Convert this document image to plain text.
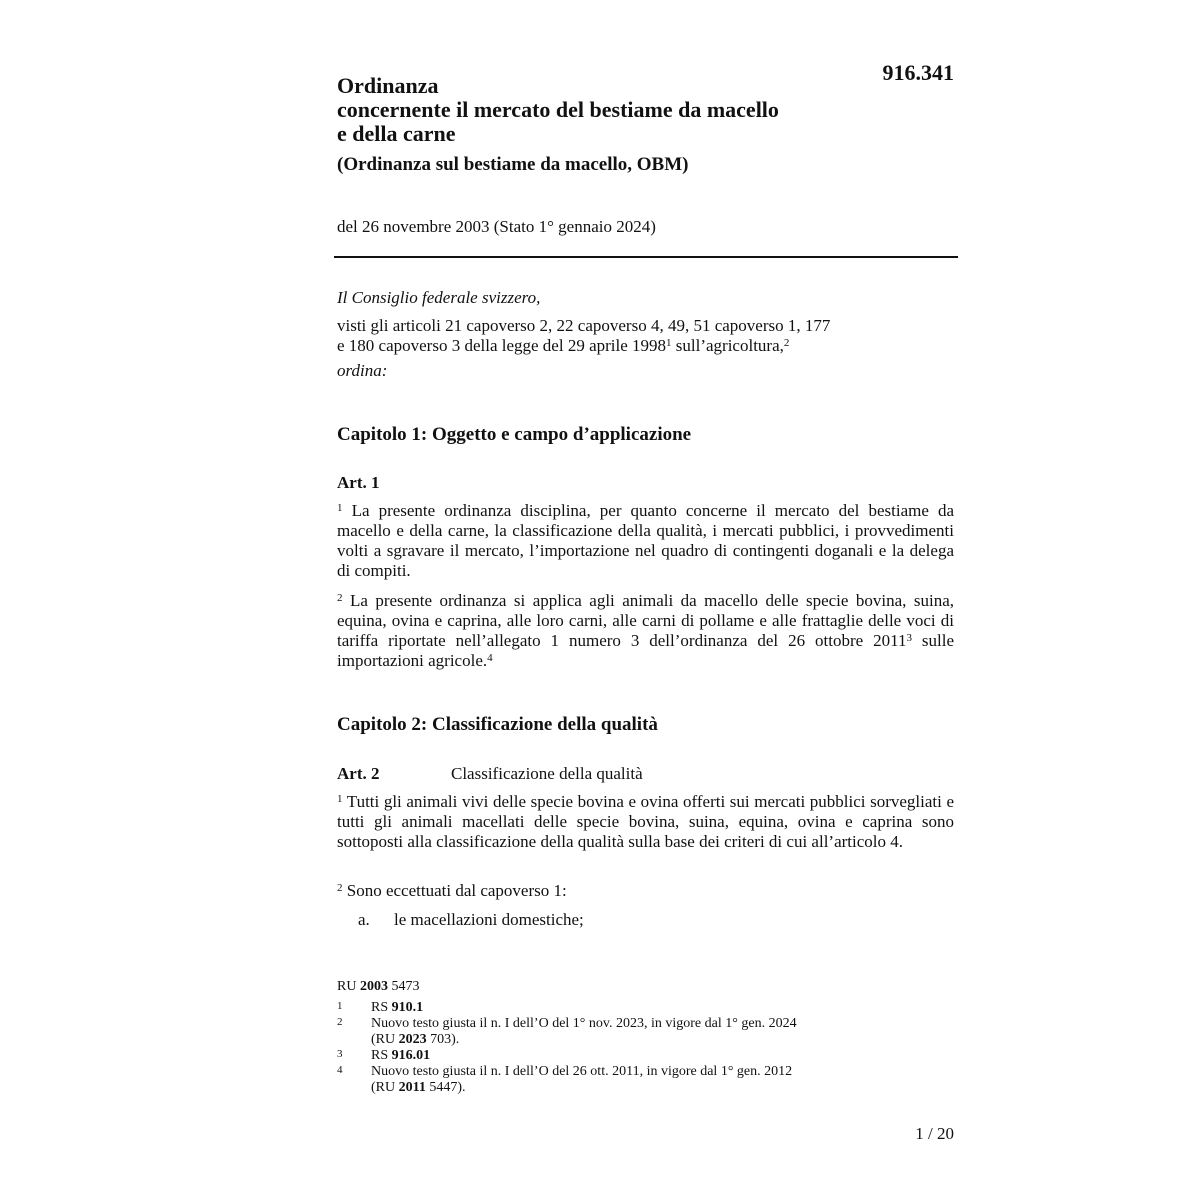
916.341
Ordinanza
concernente il mercato del bestiame da macello
e della carne
(Ordinanza sul bestiame da macello, OBM)
del 26 novembre 2003 (Stato 1° gennaio 2024)
Il Consiglio federale svizzero,
visti gli articoli 21 capoverso 2, 22 capoverso 4, 49, 51 capoverso 1, 177
e 180 capoverso 3 della legge del 29 aprile 1998$^1$ sull’agricoltura,$^2$
ordina:
Capitolo 1: Oggetto e campo d’applicazione
Art. 1
$^1$ La presente ordinanza disciplina, per quanto concerne il mercato del bestiame da macello e della carne, la classificazione della qualità, i mercati pubblici, i provvedimenti volti a sgravare il mercato, l’importazione nel quadro di contingenti doganali e la delega di compiti.
$^2$ La presente ordinanza si applica agli animali da macello delle specie bovina, suina, equina, ovina e caprina, alle loro carni, alle carni di pollame e alle frattaglie delle voci di tariffa riportate nell’allegato 1 numero 3 dell’ordinanza del 26 ottobre 2011$^3$ sulle importazioni agricole.$^4$
Capitolo 2: Classificazione della qualità
Art. 2	Classificazione della qualità
$^1$ Tutti gli animali vivi delle specie bovina e ovina offerti sui mercati pubblici sorvegliati e tutti gli animali macellati delle specie bovina, suina, equina, ovina e caprina sono sottoposti alla classificazione della qualità sulla base dei criteri di cui all’articolo 4.
$^2$ Sono eccettuati dal capoverso 1:
a. le macellazioni domestiche;
RU 2003 5473
1 RS 910.1
2 Nuovo testo giusta il n. I dell’O del 1° nov. 2023, in vigore dal 1° gen. 2024
(RU 2023 703).
3 RS 916.01
4 Nuovo testo giusta il n. I dell’O del 26 ott. 2011, in vigore dal 1° gen. 2012
(RU 2011 5447).
1 / 20
